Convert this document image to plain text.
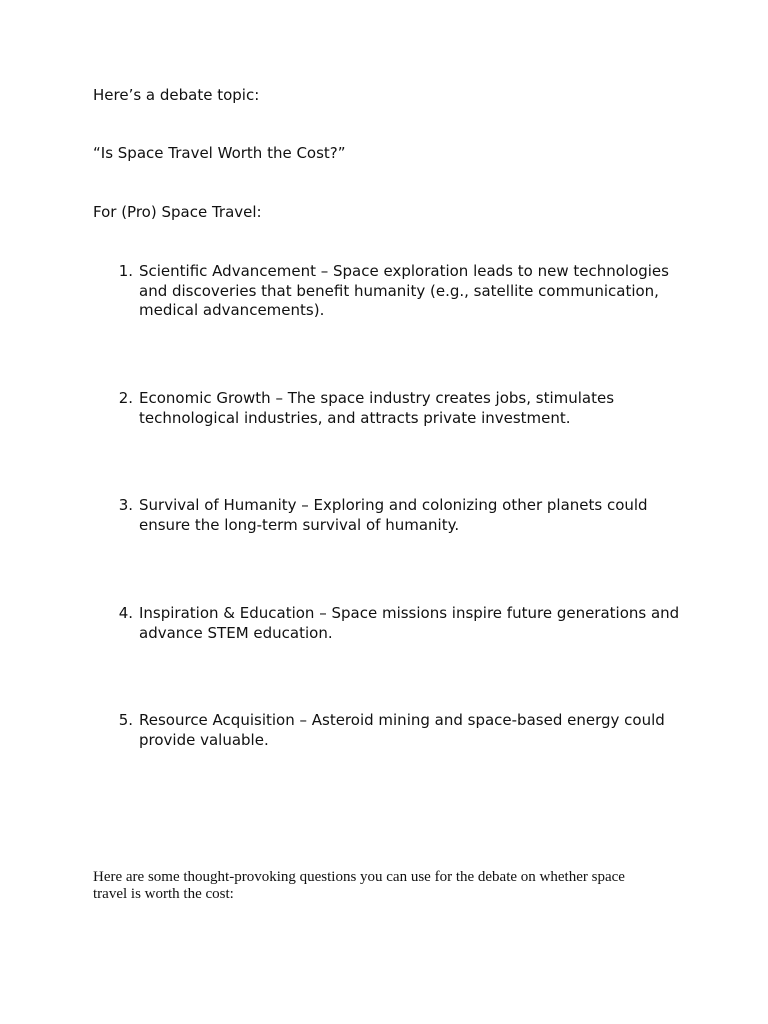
Here’s a debate topic:

“Is Space Travel Worth the Cost?”

For (Pro) Space Travel:

1. Scientific Advancement – Space exploration leads to new technologies and discoveries that benefit humanity (e.g., satellite communication, medical advancements).
2. Economic Growth – The space industry creates jobs, stimulates technological industries, and attracts private investment.
3. Survival of Humanity – Exploring and colonizing other planets could ensure the long-term survival of humanity.
4. Inspiration & Education – Space missions inspire future generations and advance STEM education.
5. Resource Acquisition – Asteroid mining and space-based energy could provide valuable.

Here are some thought-provoking questions you can use for the debate on whether space travel is worth the cost:
